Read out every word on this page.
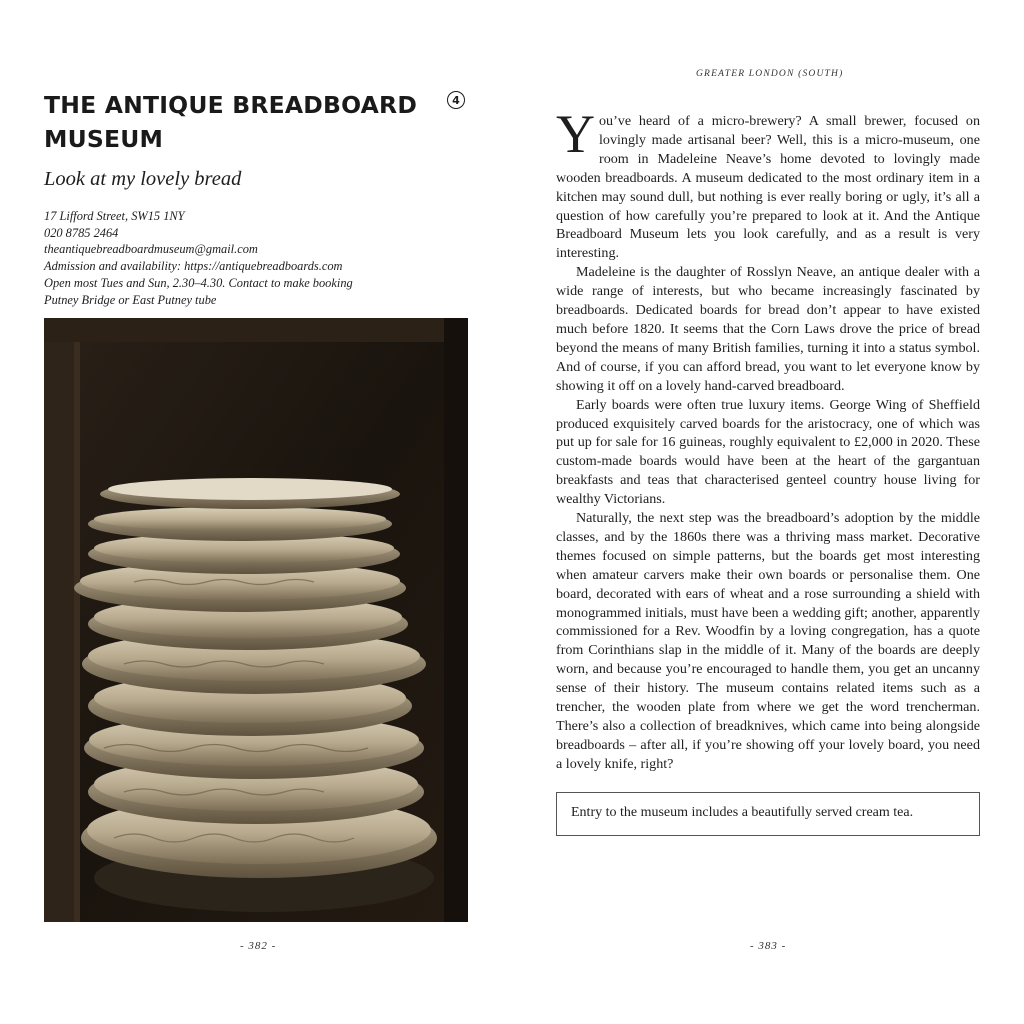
THE ANTIQUE BREADBOARD MUSEUM
4

Look at my lovely bread

17 Lifford Street, SW15 1NY
020 8785 2464
theantiquebreadboardmuseum@gmail.com
Admission and availability: https://antiquebreadboards.com
Open most Tues and Sun, 2.30–4.30. Contact to make booking
Putney Bridge or East Putney tube
- 382 -
GREATER LONDON (SOUTH)

You’ve heard of a micro-brewery? A small brewer, focused on lovingly made artisanal beer? Well, this is a micro-museum, one room in Madeleine Neave’s home devoted to lovingly made wooden breadboards. A museum dedicated to the most ordinary item in a kitchen may sound dull, but nothing is ever really boring or ugly, it’s all a question of how carefully you’re prepared to look at it. And the Antique Breadboard Museum lets you look carefully, and as a result is very interesting.

Madeleine is the daughter of Rosslyn Neave, an antique dealer with a wide range of interests, but who became increasingly fascinated by breadboards. Dedicated boards for bread don’t appear to have existed much before 1820. It seems that the Corn Laws drove the price of bread beyond the means of many British families, turning it into a status symbol. And of course, if you can afford bread, you want to let everyone know by showing it off on a lovely hand-carved breadboard.

Early boards were often true luxury items. George Wing of Sheffield produced exquisitely carved boards for the aristocracy, one of which was put up for sale for 16 guineas, roughly equivalent to £2,000 in 2020. These custom-made boards would have been at the heart of the gargantuan breakfasts and teas that characterised genteel country house living for wealthy Victorians.

Naturally, the next step was the breadboard’s adoption by the middle classes, and by the 1860s there was a thriving mass market. Decorative themes focused on simple patterns, but the boards get most interesting when amateur carvers make their own boards or personalise them. One board, decorated with ears of wheat and a rose surrounding a shield with monogrammed initials, must have been a wedding gift; another, apparently commissioned for a Rev. Woodfin by a loving congregation, has a quote from Corinthians slap in the middle of it. Many of the boards are deeply worn, and because you’re encouraged to handle them, you get an uncanny sense of their history. The museum contains related items such as a trencher, the wooden plate from where we get the word trencherman. There’s also a collection of breadknives, which came into being alongside breadboards – after all, if you’re showing off your lovely board, you need a lovely knife, right?

Entry to the museum includes a beautifully served cream tea.
- 383 -
